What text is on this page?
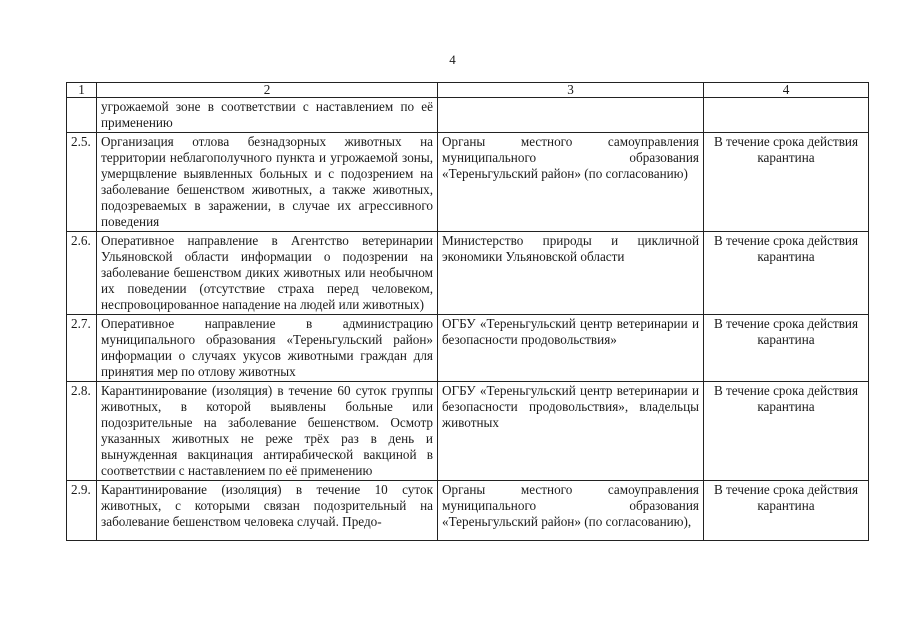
4
1	2	3	4
	угрожаемой зоне в соответствии с наставлением по её применению		
2.5.	Организация отлова безнадзорных животных на территории неблагополучного пункта и угрожаемой зоны, умерщвление выявленных больных и с подозрением на заболевание бешенством животных, а также животных, подозреваемых в заражении, в случае их агрессивного поведения	Органы местного самоуправления муниципального образования «Тереньгульский район» (по согласованию)	В течение срока действия карантина
2.6.	Оперативное направление в Агентство ветеринарии Ульяновской области информации о подозрении на заболевание бешенством диких животных или необычном их поведении (отсутствие страха перед человеком, неспровоцированное нападение на людей или животных)	Министерство природы и цикличной экономики Ульяновской области	В течение срока действия карантина
2.7.	Оперативное направление в администрацию муниципального образования «Тереньгульский район» информации о случаях укусов животными граждан для принятия мер по отлову животных	ОГБУ «Тереньгульский центр ветеринарии и безопасности продовольствия»	В течение срока действия карантина
2.8.	Карантинирование (изоляция) в течение 60 суток группы животных, в которой выявлены больные или подозрительные на заболевание бешенством. Осмотр указанных животных не реже трёх раз в день и вынужденная вакцинация антирабической вакциной в соответствии с наставлением по её применению	ОГБУ «Тереньгульский центр ветеринарии и безопасности продовольствия», владельцы животных	В течение срока действия карантина
2.9.	Карантинирование (изоляция) в течение 10 суток животных, с которыми связан подозрительный на заболевание бешенством человека случай. Предо-	Органы местного самоуправления муниципального образования «Тереньгульский район» (по согласованию),	В течение срока действия карантина
